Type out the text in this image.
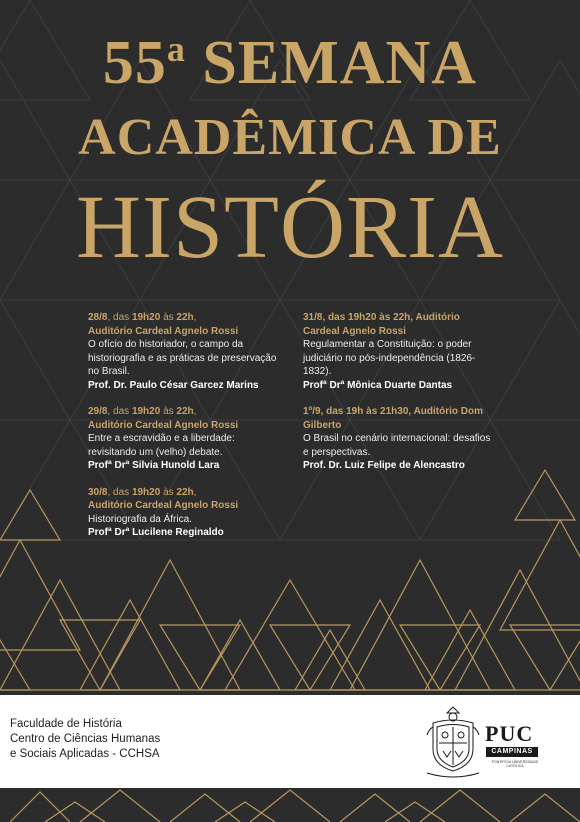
55$^a$ SEMANA
ACADÊMICA DE
HISTÓRIA
28/8, das 19h20 às 22h,
Auditório Cardeal Agnelo Rossi
O ofício do historiador, o campo da historiografia e as práticas de preservação no Brasil.
Prof. Dr. Paulo César Garcez Marins
29/8, das 19h20 às 22h,
Auditório Cardeal Agnelo Rossi
Entre a escravidão e a liberdade: revisitando um (velho) debate.
Profª Drª Silvia Hunold Lara
30/8, das 19h20 às 22h,
Auditório Cardeal Agnelo Rossi
Historiografia da África.
Profª Drª Lucilene Reginaldo
31/8, das 19h20 às 22h, Auditório Cardeal Agnelo Rossi
Regulamentar a Constituição: o poder judiciário no pós-independência (1826-1832).
Profª Drª Mônica Duarte Dantas
1º/9, das 19h às 21h30, Auditório Dom Gilberto
O Brasil no cenário internacional: desafios e perspectivas.
Prof. Dr. Luiz Felipe de Alencastro
Faculdade de História
Centro de Ciências Humanas
e Sociais Aplicadas - CCHSA
PUC
CAMPINAS
PONTIFÍCIA UNIVERSIDADE CATÓLICA
